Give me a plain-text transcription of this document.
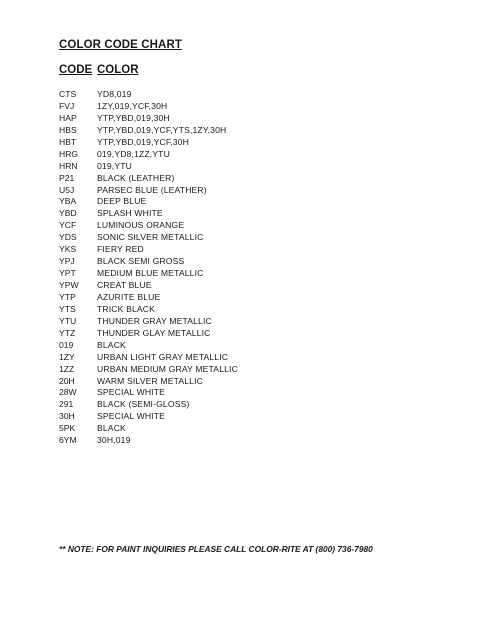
COLOR CODE CHART
CODE COLOR
CTS YD8,019
FVJ	1ZY,019,YCF,30H
HAP YTP,YBD,019,30H
HBS YTP,YBD,019,YCF,YTS,1ZY,30H
HBT YTP,YBD,019,YCF,30H
HRG 019,YD8,1ZZ,YTU
HRN 019,YTU
P21	BLACK (LEATHER)
U5J	PARSEC BLUE (LEATHER)
YBA DEEP BLUE
YBD SPLASH WHITE
YCF LUMINOUS ORANGE
YDS SONIC SILVER METALLIC
YKS FIERY RED
YPJ	BLACK SEMI GROSS
YPT MEDIUM BLUE METALLIC
YPW CREAT BLUE
YTP AZURITE BLUE
YTS TRICK BLACK
YTU THUNDER GRAY METALLIC
YTZ	THUNDER GLAY METALLIC
019	BLACK
1ZY	URBAN LIGHT GRAY METALLIC
1ZZ	URBAN MEDIUM GRAY METALLIC
20H	WARM SILVER METALLIC
28W SPECIAL WHITE
291	BLACK (SEMI-GLOSS)
30H	SPECIAL WHITE
5PK	BLACK
6YM 30H,019
** NOTE: FOR PAINT INQUIRIES PLEASE CALL COLOR-RITE AT (800) 736-7980
